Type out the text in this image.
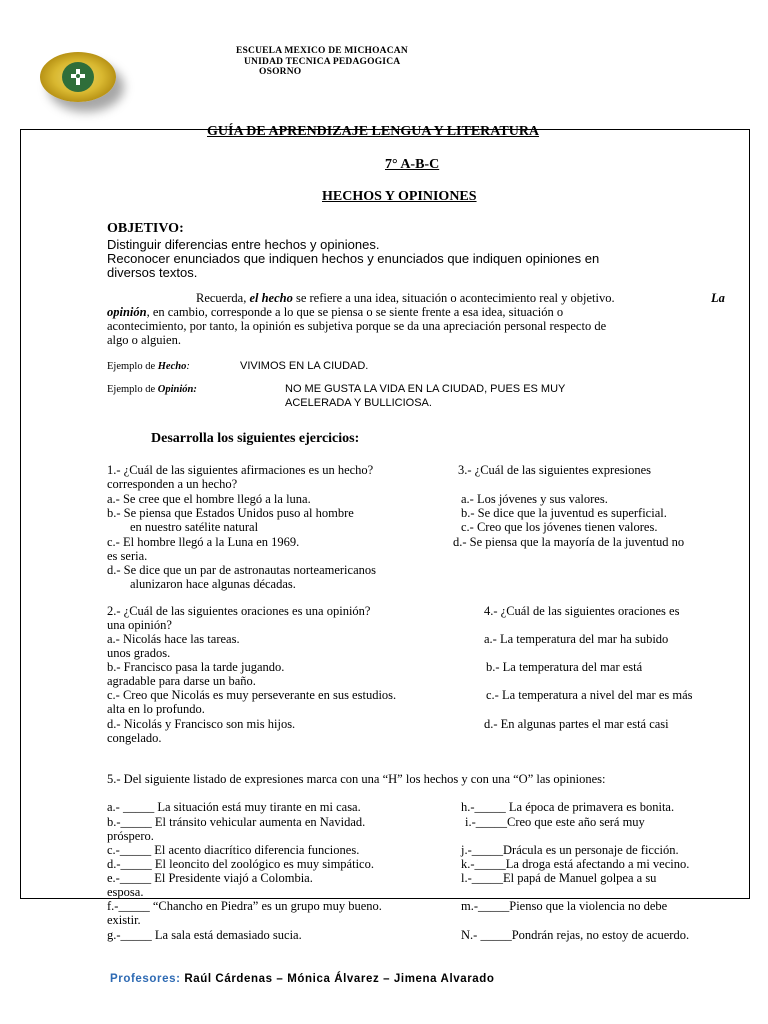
ESCUELA MEXICO DE MICHOACAN
UNIDAD TECNICA PEDAGOGICA
OSORNO
GUÍA DE APRENDIZAJE LENGUA Y LITERATURA
7° A-B-C
HECHOS Y OPINIONES
OBJETIVO:
Distinguir diferencias entre hechos y opiniones.
Reconocer enunciados que indiquen hechos y enunciados que indiquen opiniones en
diversos textos.
Recuerda, el hecho se refiere a una idea, situación o acontecimiento real y objetivo.	La
opinión, en cambio, corresponde a lo que se piensa o se siente frente a esa idea, situación o
acontecimiento, por tanto, la opinión es subjetiva porque se da una apreciación personal respecto de
algo o alguien.
Ejemplo de Hecho:	VIVIMOS EN LA CIUDAD.
Ejemplo de Opinión:	NO ME GUSTA LA VIDA EN LA CIUDAD, PUES ES MUY
ACELERADA Y BULLICIOSA.
Desarrolla los siguientes ejercicios:
1.- ¿Cuál de las siguientes afirmaciones es un hecho?
corresponden a un hecho?
a.- Se cree que el hombre llegó a la luna.
b.- Se piensa que Estados Unidos puso al hombre
en nuestro satélite natural
c.- El hombre llegó a la Luna en 1969.
es seria.
d.- Se dice que un par de astronautas norteamericanos
alunizaron hace algunas décadas.
3.- ¿Cuál de las siguientes expresiones
a.- Los jóvenes y sus valores.
b.- Se dice que la juventud es superficial.
c.- Creo que los jóvenes tienen valores.
d.- Se piensa que la mayoría de la juventud no
2.- ¿Cuál de las siguientes oraciones es una opinión?
una opinión?
a.- Nicolás hace las tareas.
unos grados.
b.- Francisco pasa la tarde jugando.
agradable para darse un baño.
c.- Creo que Nicolás es muy perseverante en sus estudios.
alta en lo profundo.
d.- Nicolás y Francisco son mis hijos.
congelado.
4.- ¿Cuál de las siguientes oraciones es
a.- La temperatura del mar ha subido
b.- La temperatura del mar está
c.- La temperatura a nivel del mar es más
d.- En algunas partes el mar está casi
5.- Del siguiente listado de expresiones marca con una “H” los hechos y con una “O” las opiniones:
a.- _____ La situación está muy tirante en mi casa.
b.-_____ El tránsito vehicular aumenta en Navidad.
próspero.
c.-_____ El acento diacrítico diferencia funciones.
d.-_____ El leoncito del zoológico es muy simpático.
e.-_____ El Presidente viajó a Colombia.
esposa.
f.-_____ “Chancho en Piedra” es un grupo muy bueno.
existir.
g.-_____ La sala está demasiado sucia.
h.-_____ La época de primavera es bonita.
i.-_____Creo que este año será muy
j.-_____Drácula es un personaje de ficción.
k.-_____La droga está afectando a mi vecino.
l.-_____El papá de Manuel golpea a su
m.-_____Pienso que la violencia no debe
N.- _____Pondrán rejas, no estoy de acuerdo.
Profesores: Raúl Cárdenas – Mónica Álvarez – Jimena Alvarado
